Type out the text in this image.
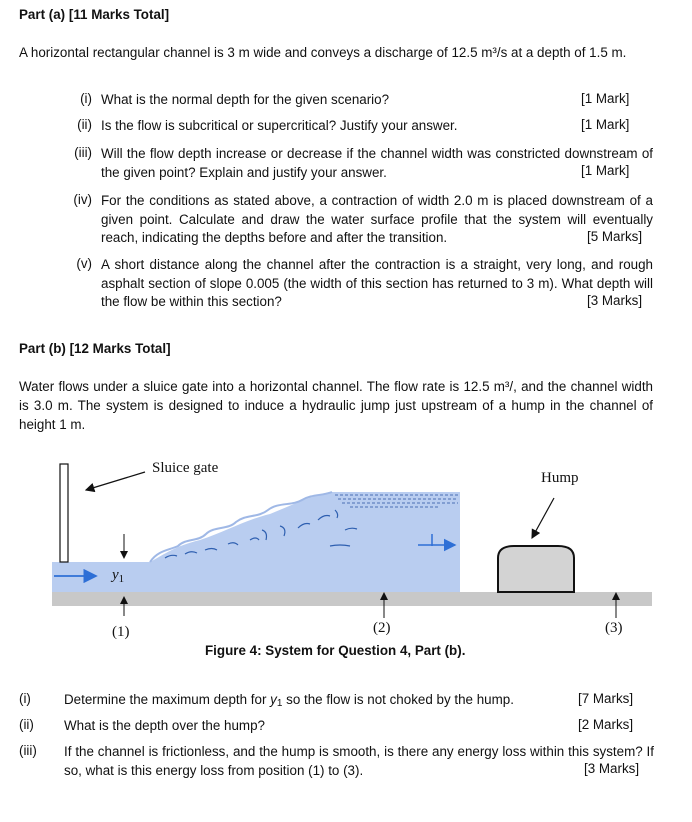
Part (a) [11 Marks Total]
A horizontal rectangular channel is 3 m wide and conveys a discharge of 12.5 m³/s at a depth of 1.5 m.
(i) What is the normal depth for the given scenario?	[1 Mark]
(ii) Is the flow is subcritical or supercritical? Justify your answer.	[1 Mark]
(iii) Will the flow depth increase or decrease if the channel width was constricted downstream of the given point? Explain and justify your answer.	[1 Mark]
(iv) For the conditions as stated above, a contraction of width 2.0 m is placed downstream of a given point. Calculate and draw the water surface profile that the system will eventually reach, indicating the depths before and after the transition.	[5 Marks]
(v) A short distance along the channel after the contraction is a straight, very long, and rough asphalt section of slope 0.005 (the width of this section has returned to 3 m). What depth will the flow be within this section?	[3 Marks]
Part (b) [12 Marks Total]
Water flows under a sluice gate into a horizontal channel. The flow rate is 12.5 m³/, and the channel width is 3.0 m. The system is designed to induce a hydraulic jump just upstream of a hump in the channel of height 1 m.
Sluice gate
Hump
$y_1$
(1)	(2)	(3)
Figure 4: System for Question 4, Part (b).
(i)	Determine the maximum depth for y1 so the flow is not choked by the hump.	[7 Marks]
(ii)	What is the depth over the hump?	[2 Marks]
(iii)	If the channel is frictionless, and the hump is smooth, is there any energy loss within this system? If so, what is this energy loss from position (1) to (3).	[3 Marks]
